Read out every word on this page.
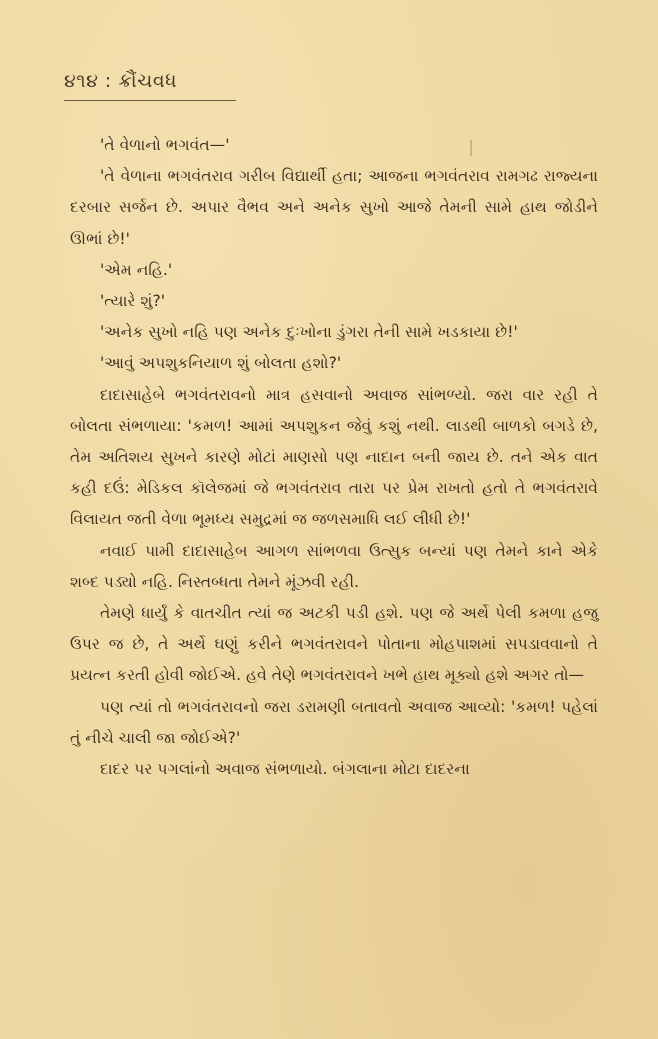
૪૧૪ : ક્રૌંચવધ

'તે વેળાનો ભગવંત—'

'તે વેળાના ભગવંતરાવ ગરીબ વિદ્યાર્થી હતા; આજના ભગવંતરાવ રામગઢ રાજ્યના દરબાર સર્જન છે. અપાર વૈભવ અને અનેક સુખો આજે તેમની સામે હાથ જોડીને ઊભાં છે!'

'એમ નહિ.'

'ત્યારે શું?'

'અનેક સુખો નહિ પણ અનેક દુઃખોના ડુંગરા તેની સામે ખડકાયા છે!'

'આવું અપશુકનિયાળ શું બોલતા હશો?'

દાદાસાહેબે ભગવંતરાવનો માત્ર હસવાનો અવાજ સાંભળ્યો. જરા વાર રહી તે બોલતા સંભળાયા: 'કમળ! આમાં અપશુકન જેવું કશું નથી. લાડથી બાળકો બગડે છે, તેમ અતિશય સુખને કારણે મોટાં માણસો પણ નાદાન બની જાય છે. તને એક વાત કહી દઉં: મેડિકલ કૉલેજમાં જે ભગવંતરાવ તારા પર પ્રેમ રાખતો હતો તે ભગવંતરાવે વિલાયત જતી વેળા ભૂમધ્ય સમુદ્રમાં જ જળસમાધિ લઈ લીધી છે!'

નવાઈ પામી દાદાસાહેબ આગળ સાંભળવા ઉત્સુક બન્યાં પણ તેમને કાને એકે શબ્દ પડ્યો નહિ. નિસ્તબ્ધતા તેમને મૂંઝવી રહી.

તેમણે ધાર્યું કે વાતચીત ત્યાં જ અટકી પડી હશે. પણ જે અર્થે પેલી કમળા હજુ ઉપર જ છે, તે અર્થે ઘણું કરીને ભગવંતરાવને પોતાના મોહપાશમાં સપડાવવાનો તે પ્રયત્ન કરતી હોવી જોઈએ. હવે તેણે ભગવંતરાવને ખભે હાથ મૂક્યો હશે અગર તો—

પણ ત્યાં તો ભગવંતરાવનો જરા ડરામણી બતાવતો અવાજ આવ્યો: 'કમળ! પહેલાં તું નીચે ચાલી જા જોઈએ?'

દાદર પર પગલાંનો અવાજ સંભળાયો. બંગલાના મોટા દાદરના
